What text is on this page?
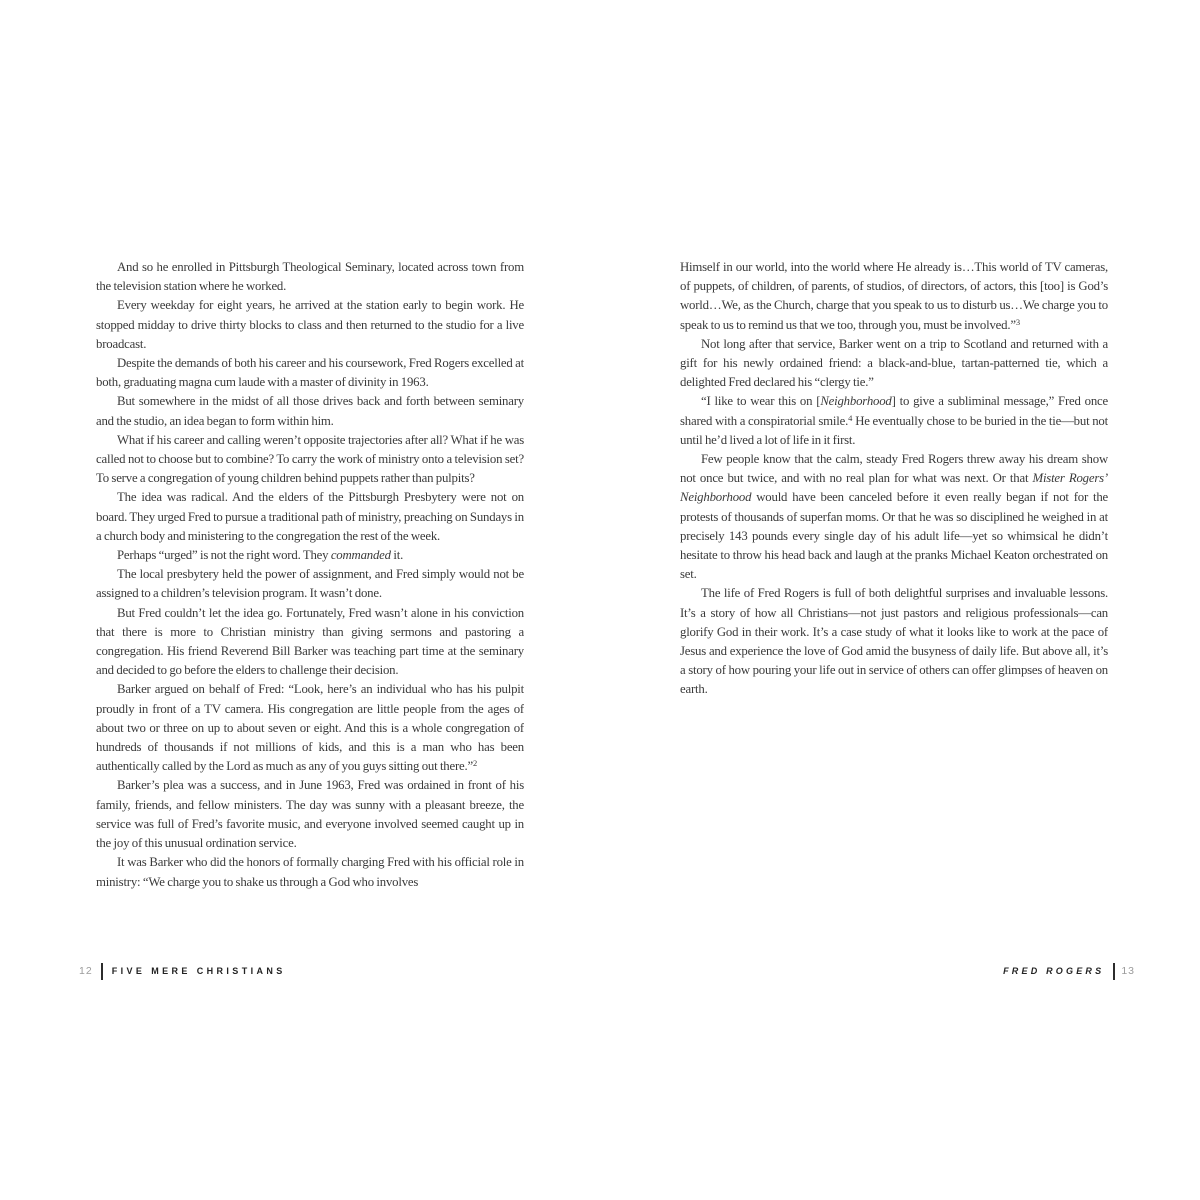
And so he enrolled in Pittsburgh Theological Seminary, located across town from the television station where he worked.

Every weekday for eight years, he arrived at the station early to begin work. He stopped midday to drive thirty blocks to class and then returned to the studio for a live broadcast.

Despite the demands of both his career and his coursework, Fred Rogers excelled at both, graduating magna cum laude with a master of divinity in 1963.

But somewhere in the midst of all those drives back and forth between seminary and the studio, an idea began to form within him.

What if his career and calling weren’t opposite trajectories after all? What if he was called not to choose but to combine? To carry the work of ministry onto a television set? To serve a congregation of young children behind puppets rather than pulpits?

The idea was radical. And the elders of the Pittsburgh Presbytery were not on board. They urged Fred to pursue a traditional path of ministry, preaching on Sundays in a church body and ministering to the congregation the rest of the week.

Perhaps “urged” is not the right word. They commanded it.

The local presbytery held the power of assignment, and Fred simply would not be assigned to a children’s television program. It wasn’t done.

But Fred couldn’t let the idea go. Fortunately, Fred wasn’t alone in his conviction that there is more to Christian ministry than giving sermons and pastoring a congregation. His friend Reverend Bill Barker was teaching part time at the seminary and decided to go before the elders to challenge their decision.

Barker argued on behalf of Fred: “Look, here’s an individual who has his pulpit proudly in front of a TV camera. His congregation are little people from the ages of about two or three on up to about seven or eight. And this is a whole congregation of hundreds of thousands if not millions of kids, and this is a man who has been authentically called by the Lord as much as any of you guys sitting out there.”$^2$

Barker’s plea was a success, and in June 1963, Fred was ordained in front of his family, friends, and fellow ministers. The day was sunny with a pleasant breeze, the service was full of Fred’s favorite music, and everyone involved seemed caught up in the joy of this unusual ordination service.

It was Barker who did the honors of formally charging Fred with his official role in ministry: “We charge you to shake us through a God who involves

Himself in our world, into the world where He already is…This world of TV cameras, of puppets, of children, of parents, of studios, of directors, of actors, this [too] is God’s world…We, as the Church, charge that you speak to us to disturb us…We charge you to speak to us to remind us that we too, through you, must be involved.”$^3$

Not long after that service, Barker went on a trip to Scotland and returned with a gift for his newly ordained friend: a black-and-blue, tartan-patterned tie, which a delighted Fred declared his “clergy tie.”

“I like to wear this on [Neighborhood] to give a subliminal message,” Fred once shared with a conspiratorial smile.$^4$ He eventually chose to be buried in the tie—but not until he’d lived a lot of life in it first.

Few people know that the calm, steady Fred Rogers threw away his dream show not once but twice, and with no real plan for what was next. Or that Mister Rogers’ Neighborhood would have been canceled before it even really began if not for the protests of thousands of superfan moms. Or that he was so disciplined he weighed in at precisely 143 pounds every single day of his adult life—yet so whimsical he didn’t hesitate to throw his head back and laugh at the pranks Michael Keaton orchestrated on set.

The life of Fred Rogers is full of both delightful surprises and invaluable lessons. It’s a story of how all Christians—not just pastors and religious professionals—can glorify God in their work. It’s a case study of what it looks like to work at the pace of Jesus and experience the love of God amid the busyness of daily life. But above all, it’s a story of how pouring your life out in service of others can offer glimpses of heaven on earth.

12 FIVE MERE CHRISTIANS	FRED ROGERS 13
